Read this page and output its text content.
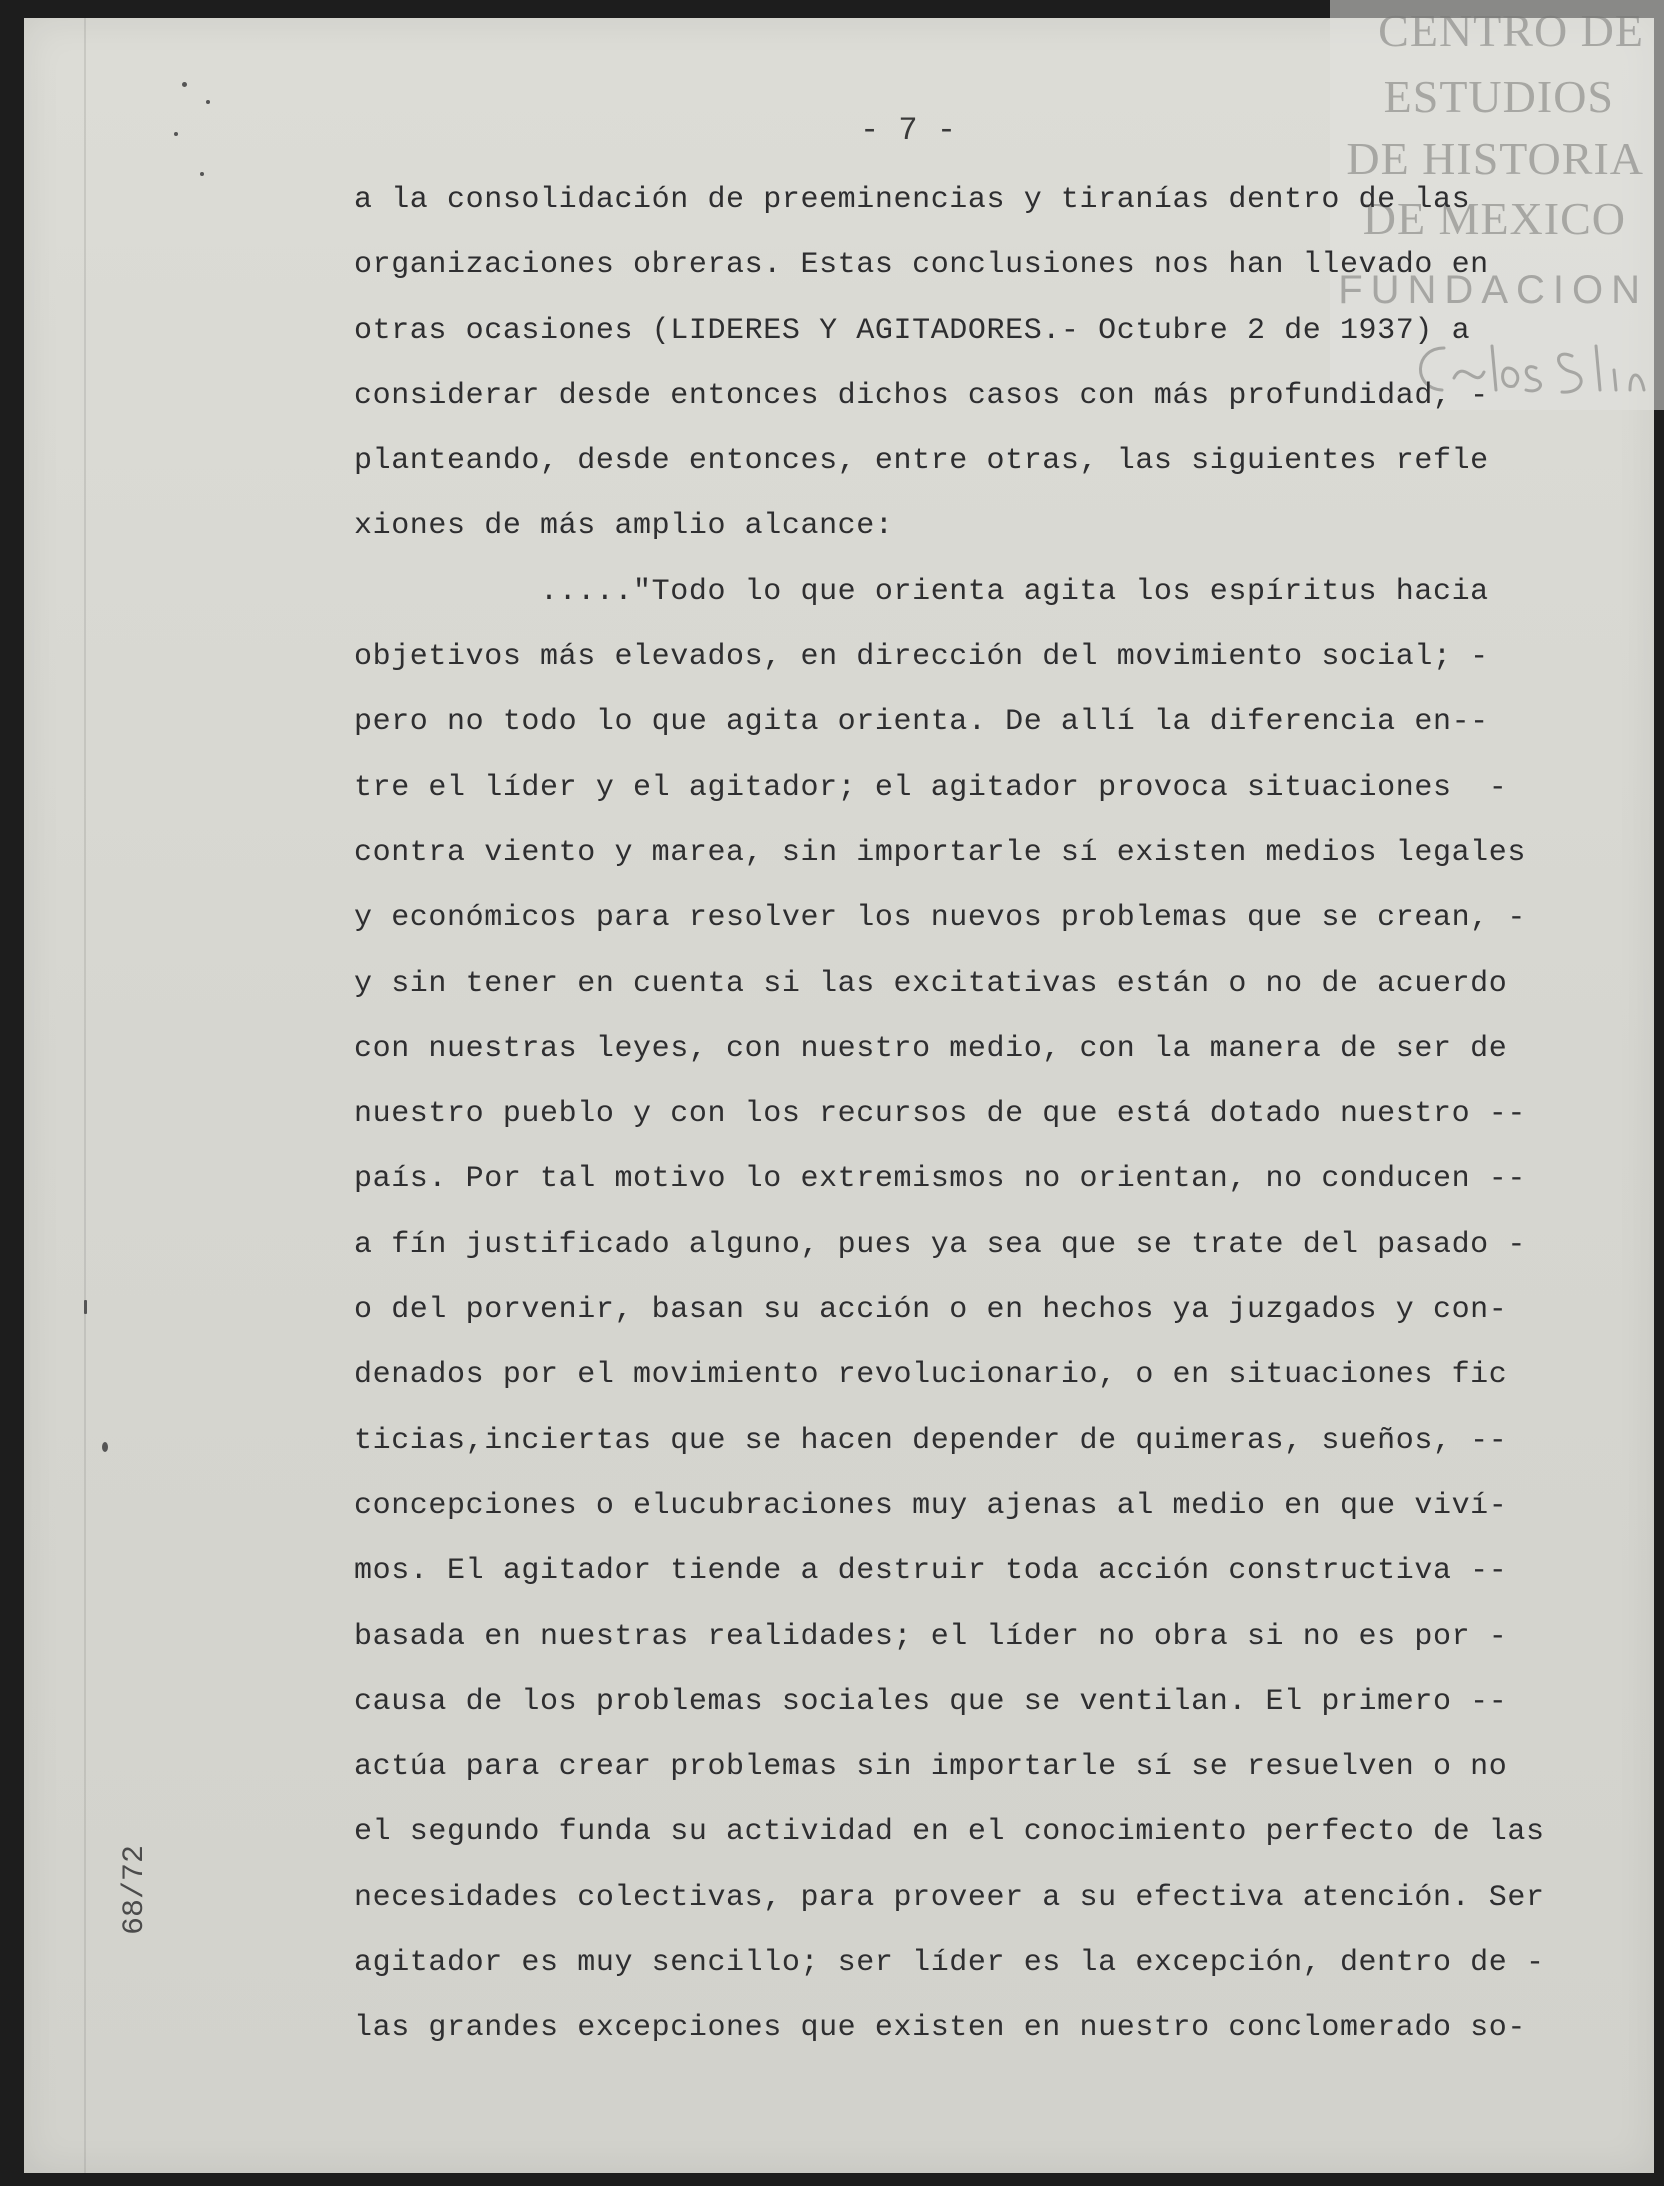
CENTRO DE
ESTUDIOS
DE HISTORIA
DE MEXICO
FUNDACION
- 7 -
a la consolidación de preeminencias y tiranías dentro de las
organizaciones obreras. Estas conclusiones nos han llevado en
otras ocasiones (LIDERES Y AGITADORES.- Octubre 2 de 1937) a
considerar desde entonces dichos casos con más profundidad, -
planteando, desde entonces, entre otras, las siguientes refle
xiones de más amplio alcance:
....."Todo lo que orienta agita los espíritus hacia
objetivos más elevados, en dirección del movimiento social; -
pero no todo lo que agita orienta. De allí la diferencia en--
tre el líder y el agitador; el agitador provoca situaciones  -
contra viento y marea, sin importarle sí existen medios legales
y económicos para resolver los nuevos problemas que se crean, -
y sin tener en cuenta si las excitativas están o no de acuerdo
con nuestras leyes, con nuestro medio, con la manera de ser de
nuestro pueblo y con los recursos de que está dotado nuestro --
país. Por tal motivo lo extremismos no orientan, no conducen --
a fín justificado alguno, pues ya sea que se trate del pasado -
o del porvenir, basan su acción o en hechos ya juzgados y con-
denados por el movimiento revolucionario, o en situaciones fic
ticias,inciertas que se hacen depender de quimeras, sueños, --
concepciones o elucubraciones muy ajenas al medio en que viví-
mos. El agitador tiende a destruir toda acción constructiva --
basada en nuestras realidades; el líder no obra si no es por -
causa de los problemas sociales que se ventilan. El primero --
actúa para crear problemas sin importarle sí se resuelven o no
el segundo funda su actividad en el conocimiento perfecto de las
necesidades colectivas, para proveer a su efectiva atención. Ser
agitador es muy sencillo; ser líder es la excepción, dentro de -
las grandes excepciones que existen en nuestro conclomerado so-
68/72
